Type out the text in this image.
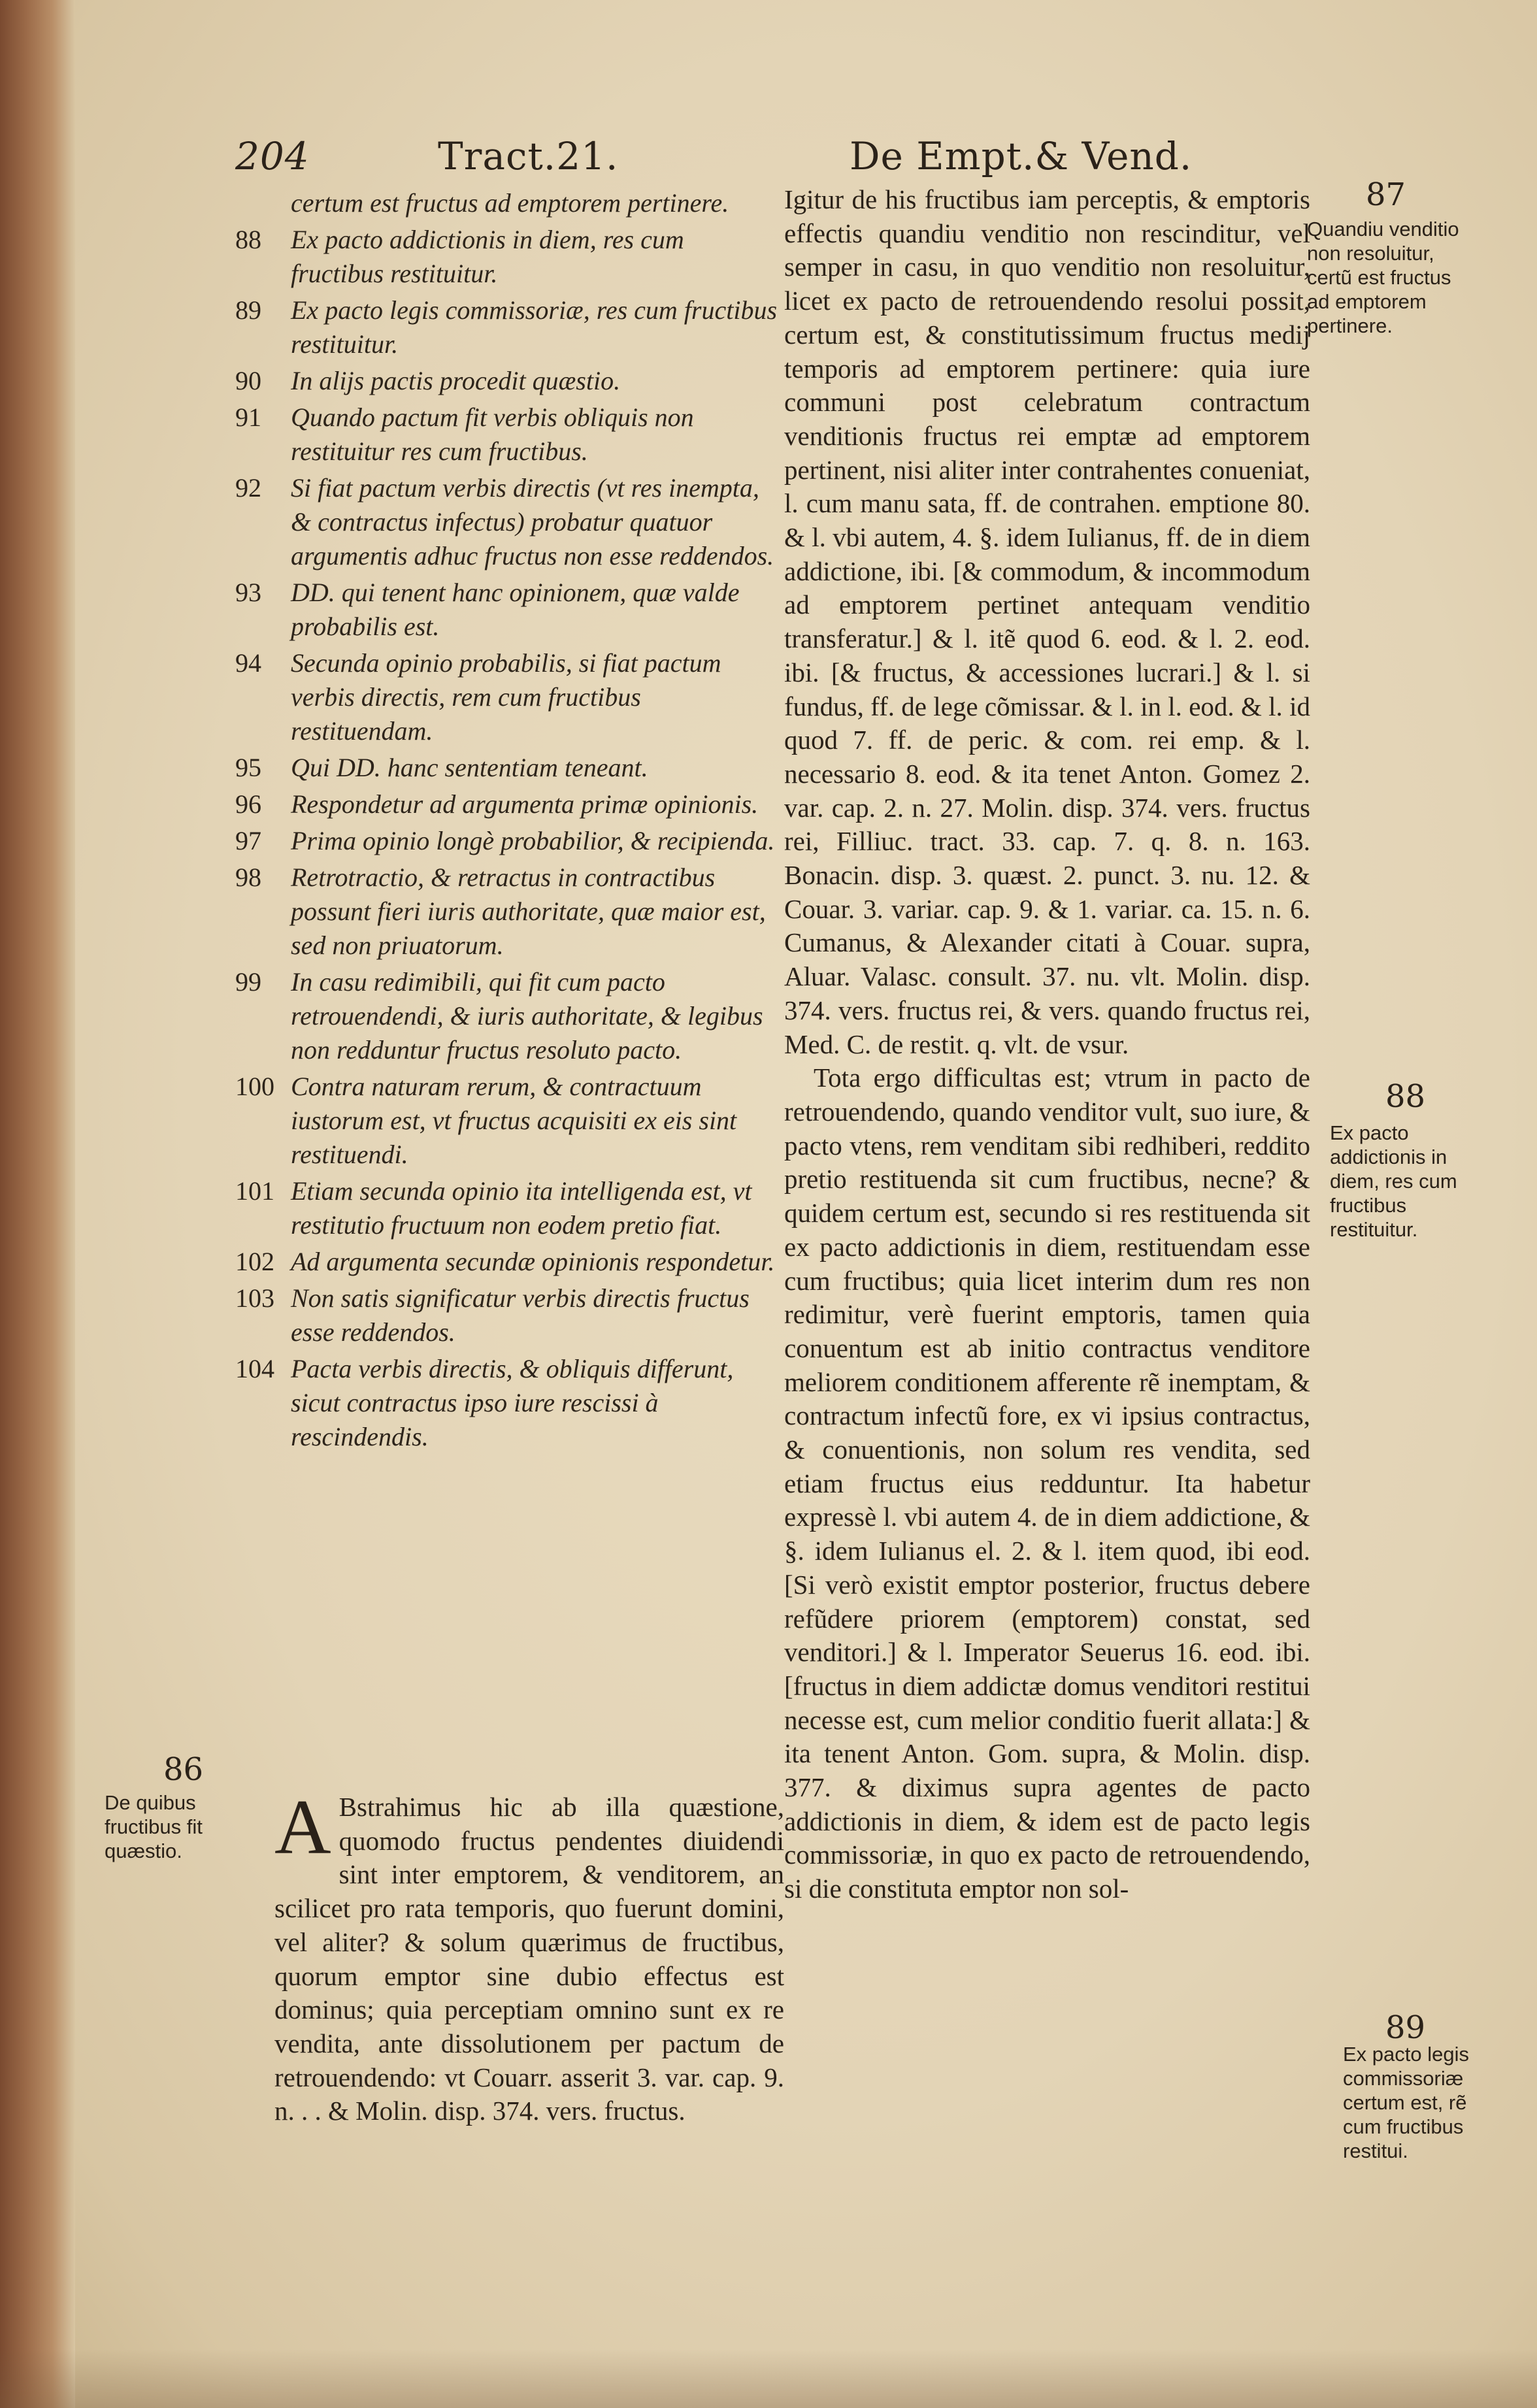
204	Tract.21.	De Empt.& Vend.
certum est fructus ad emptorem pertinere.
88 Ex pacto addictionis in diem, res cum fructibus restituitur.
89 Ex pacto legis commissoriæ, res cum fructibus restituitur.
90 In alijs pactis procedit quæstio.
91 Quando pactum fit verbis obliquis non restituitur res cum fructibus.
92 Si fiat pactum verbis directis (vt res inempta, & contractus infectus) probatur quatuor argumentis adhuc fructus non esse reddendos.
93 DD. qui tenent hanc opinionem, quæ valde probabilis est.
94 Secunda opinio probabilis, si fiat pactum verbis directis, rem cum fructibus restituendam.
95 Qui DD. hanc sententiam teneant.
96 Respondetur ad argumenta primæ opinionis.
97 Prima opinio longè probabilior, & recipienda.
98 Retrotractio, & retractus in contractibus possunt fieri iuris authoritate, quæ maior est, sed non priuatorum.
99 In casu redimibili, qui fit cum pacto retrouendendi, & iuris authoritate, & legibus non redduntur fructus resoluto pacto.
100 Contra naturam rerum, & contractuum iustorum est, vt fructus acquisiti ex eis sint restituendi.
101 Etiam secunda opinio ita intelligenda est, vt restitutio fructuum non eodem pretio fiat.
102 Ad argumenta secundæ opinionis respondetur.
103 Non satis significatur verbis directis fructus esse reddendos.
104 Pacta verbis directis, & obliquis differunt, sicut contractus ipso iure rescissi à rescindendis.

Igitur de his fructibus iam perceptis, & emptoris effectis quandiu venditio non rescinditur, vel semper in casu, in quo venditio non resoluitur, licet ex pacto de retrouendendo resolui possit, certum est, & constitutissimum fructus medij temporis ad emptorem pertinere: quia iure communi post celebratum contractum venditionis fructus rei emptæ ad emptorem pertinent, nisi aliter inter contrahentes conueniat, l. cum manu sata, ff. de contrahen. emptione 80. & l. vbi autem, 4. §. idem Iulianus, ff. de in diem addictione, ibi. [& commodum, & incommodum ad emptorem pertinet antequam venditio transferatur.] & l. itẽ quod 6. eod. & l. 2. eod. ibi. [& fructus, & accessiones lucrari.] & l. si fundus, ff. de lege cõmissar. & l. in l. eod. & l. id quod 7. ff. de peric. & com. rei emp. & l. necessario 8. eod. & ita tenet Anton. Gomez 2. var. cap. 2. n. 27. Molin. disp. 374. vers. fructus rei, Filliuc. tract. 33. cap. 7. q. 8. n. 163. Bonacin. disp. 3. quæst. 2. punct. 3. nu. 12. & Couar. 3. variar. cap. 9. & 1. variar. ca. 15. n. 6. Cumanus, & Alexander citati à Couar. supra, Aluar. Valasc. consult. 37. nu. vlt. Molin. disp. 374. vers. fructus rei, & vers. quando fructus rei, Med. C. de restit. q. vlt. de vsur.

Tota ergo difficultas est; vtrum in pacto de retrouendendo, quando venditor vult, suo iure, & pacto vtens, rem venditam sibi redhiberi, reddito pretio restituenda sit cum fructibus, necne? & quidem certum est, secundo si res restituenda sit ex pacto addictionis in diem, restituendam esse cum fructibus; quia licet interim dum res non redimitur, verè fuerint emptoris, tamen quia conuentum est ab initio contractus venditore meliorem conditionem afferente rẽ inemptam, & contractum infectũ fore, ex vi ipsius contractus, & conuentionis, non solum res vendita, sed etiam fructus eius redduntur. Ita habetur expressè l. vbi autem 4. de in diem addictione, & §. idem Iulianus el. 2. & l. item quod, ibi eod. [Si verò existit emptor posterior, fructus debere refũdere priorem (emptorem) constat, sed venditori.] & l. Imperator Seuerus 16. eod. ibi. [fructus in diem addictæ domus venditori restitui necesse est, cum melior conditio fuerit allata:] & ita tenent Anton. Gom. supra, & Molin. disp. 377. & diximus supra agentes de pacto addictionis in diem, & idem est de pacto legis commissoriæ, in quo ex pacto de retrouendendo, si die constituta emptor non sol-

A Bstrahimus hic ab illa quæstione, quomodo fructus pendentes diuidendi sint inter emptorem, & venditorem, an scilicet pro rata temporis, quo fuerunt domini, vel aliter? & solum quærimus de fructibus, quorum emptor sine dubio effectus est dominus; quia perceptiam omnino sunt ex re vendita, ante dissolutionem per pactum de retrouendendo: vt Couarr. asserit 3. var. cap. 9. n. . . & Molin. disp. 374. vers. fructus.

87
Quandiu venditio non resoluitur, certũ est fructus ad emptorem pertinere.
88
Ex pacto addictionis in diem, res cum fructibus restituitur.
89
Ex pacto legis commissoriæ certum est, rẽ cum fructibus restitui.
86
De quibus fructibus fit quæstio.
